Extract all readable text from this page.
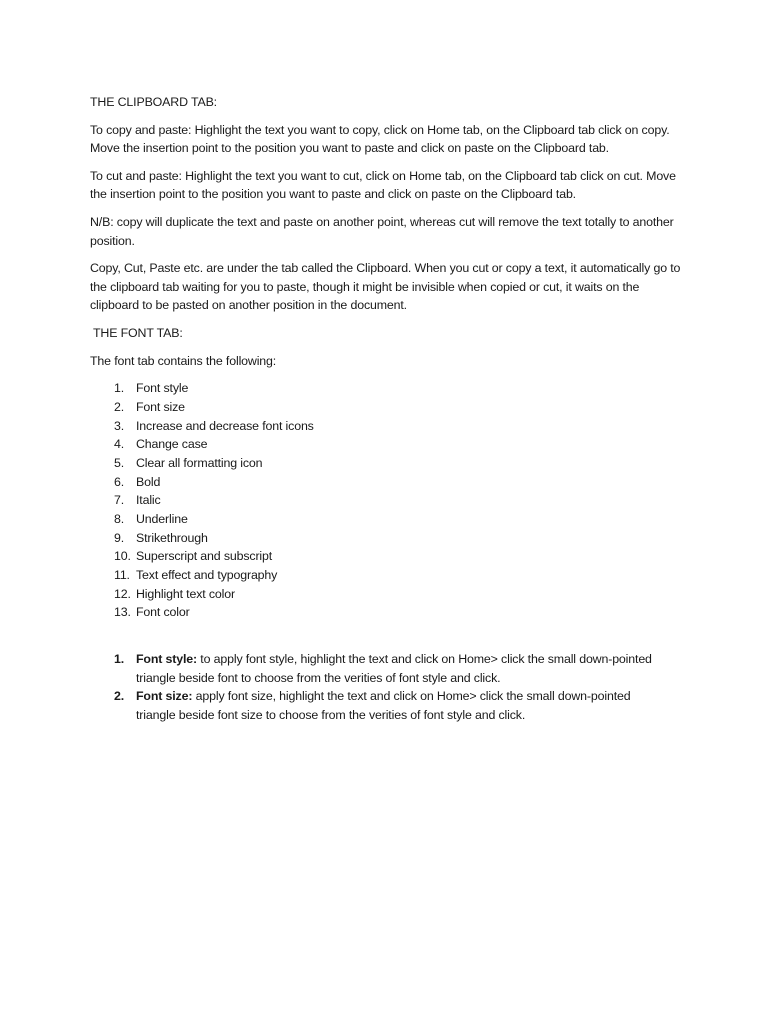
THE CLIPBOARD TAB:

To copy and paste: Highlight the text you want to copy, click on Home tab, on the Clipboard tab click on copy. Move the insertion point to the position you want to paste and click on paste on the Clipboard tab.

To cut and paste: Highlight the text you want to cut, click on Home tab, on the Clipboard tab click on cut. Move the insertion point to the position you want to paste and click on paste on the Clipboard tab.

N/B: copy will duplicate the text and paste on another point, whereas cut will remove the text totally to another position.

Copy, Cut, Paste etc. are under the tab called the Clipboard. When you cut or copy a text, it automatically go to the clipboard tab waiting for you to paste, though it might be invisible when copied or cut, it waits on the clipboard to be pasted on another position in the document.

THE FONT TAB:

The font tab contains the following:

1. Font style
2. Font size
3. Increase and decrease font icons
4. Change case
5. Clear all formatting icon
6. Bold
7. Italic
8. Underline
9. Strikethrough
10. Superscript and subscript
11. Text effect and typography
12. Highlight text color
13. Font color
1. Font style: to apply font style, highlight the text and click on Home> click the small down-pointed triangle beside font to choose from the verities of font style and click.
2. Font size: apply font size, highlight the text and click on Home> click the small down-pointed triangle beside font size to choose from the verities of font style and click.
